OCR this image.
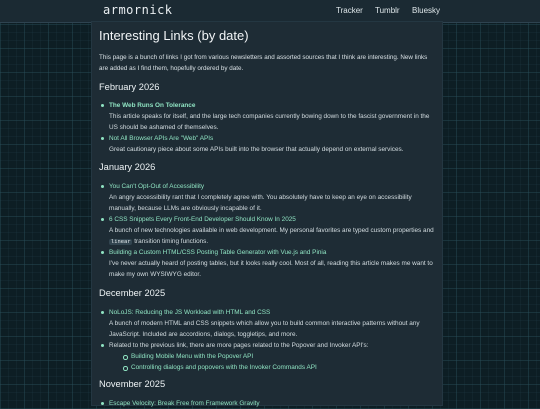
armornick	Tracker Tumblr Bluesky
Interesting Links (by date)

This page is a bunch of links I got from various newsletters and assorted sources that I think are interesting. New links are added as I find them, hopefully ordered by date.

February 2026
The Web Runs On Tolerance
This article speaks for itself, and the large tech companies currently bowing down to the fascist government in the US should be ashamed of themselves.
Not All Browser APIs Are "Web" APIs
Great cautionary piece about some APIs built into the browser that actually depend on external services.
January 2026
You Can't Opt-Out of Accessibility
An angry accessibility rant that I completely agree with. You absolutely have to keep an eye on accessibility manually, because LLMs are obviously incapable of it.
6 CSS Snippets Every Front-End Developer Should Know In 2025
A bunch of new technologies available in web development. My personal favorites are typed custom properties and linear transition timing functions.
Building a Custom HTML/CSS Posting Table Generator with Vue.js and Pinia
I've never actually heard of posting tables, but it looks really cool. Most of all, reading this article makes me want to make my own WYSIWYG editor.
December 2025
NoLoJS: Reducing the JS Workload with HTML and CSS
A bunch of modern HTML and CSS snippets which allow you to build common interactive patterns without any JavaScript. Included are accordions, dialogs, toggletips, and more.
Related to the previous link, there are more pages related to the Popover and Invoker API's:
Building Mobile Menu with the Popover API
Controlling dialogs and popovers with the Invoker Commands API
November 2025
Escape Velocity: Break Free from Framework Gravity
